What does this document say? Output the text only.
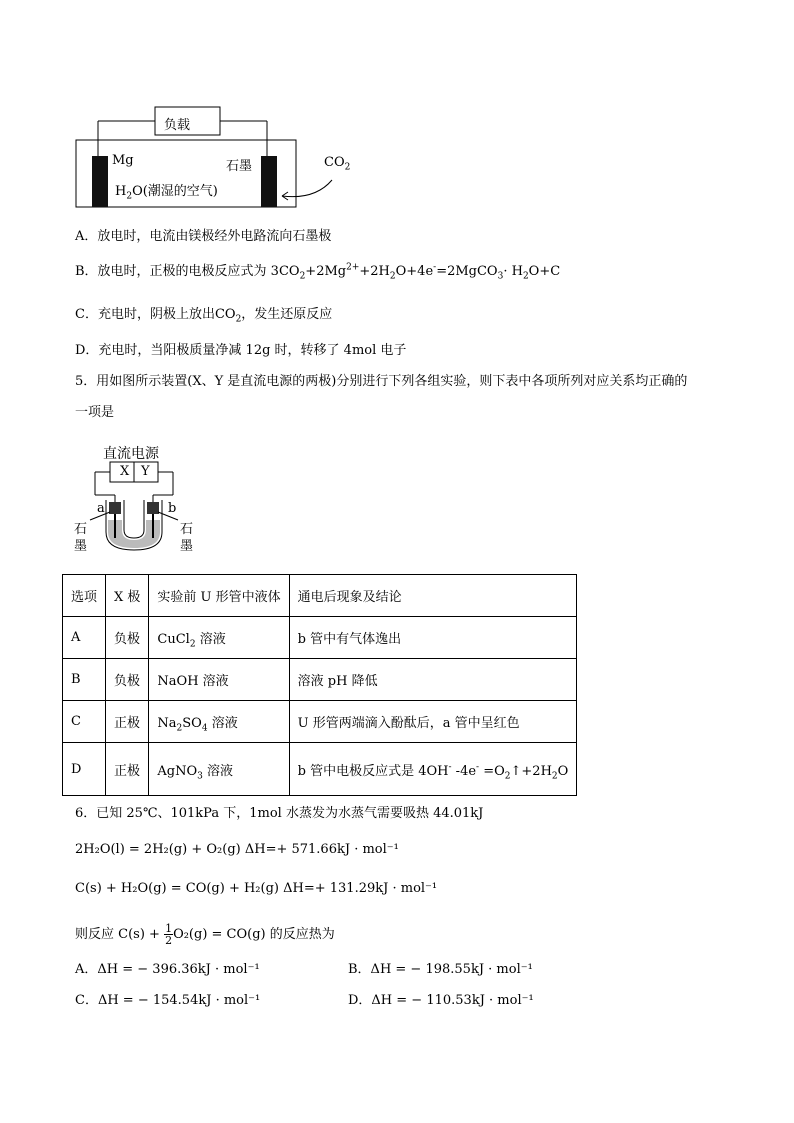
负载
Mg	石墨	$CO_2$
$H_2O$(潮湿的空气)
A．放电时，电流由镁极经外电路流向石墨极
B．放电时，正极的电极反应式为 $3CO_2+2Mg^{2+}+2H_2O+4e^-=2MgCO_3\cdot H_2O+C$
C．充电时，阴极上放出$CO_2$，发生还原反应
D．充电时，当阳极质量净减 12g 时，转移了 4mol 电子
5．用如图所示装置(X、Y 是直流电源的两极)分别进行下列各组实验，则下表中各项所列对应关系均正确的
一项是
直流电源
X Y
a	b
石
墨
石
墨
选项	X 极	实验前 U 形管中液体	通电后现象及结论
A	负极	CuCl$_2$ 溶液	b 管中有气体逸出
B	负极	NaOH 溶液	溶液 pH 降低
C	正极	$Na_2SO_4$ 溶液	U 形管两端滴入酚酞后，a 管中呈红色
D	正极	AgNO$_3$ 溶液	b 管中电极反应式是 4OH- $-4e^- =O_2↑+2H_2O$
6．已知 25℃、101kPa 下，1mol 水蒸发为水蒸气需要吸热 44.01kJ
2H₂O(l) = 2H₂(g) + O₂(g) ΔH=+ 571.66kJ · mol⁻¹
C(s) + H₂O(g) = CO(g) + H₂(g) ΔH=+ 131.29kJ · mol⁻¹
则反应 $C(s) + \frac{1}{2} O_2(g) = CO(g)$ 的反应热为
A．ΔH = − 396.36kJ · mol⁻¹	B．ΔH = − 198.55kJ · mol⁻¹
C．ΔH = − 154.54kJ · mol⁻¹	D．ΔH = − 110.53kJ · mol⁻¹
